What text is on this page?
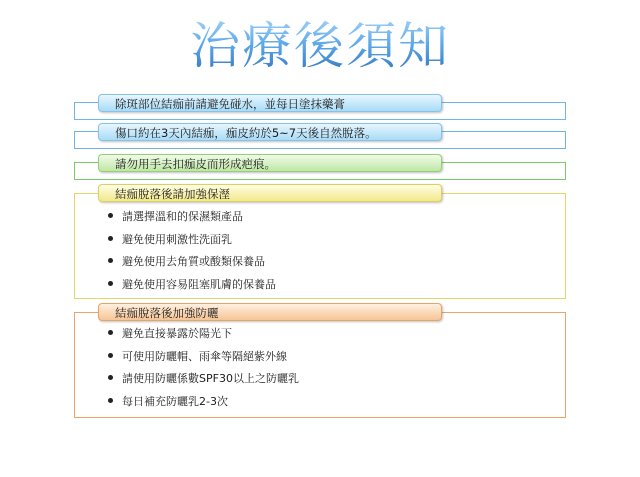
治療後須知
除斑部位結痂前請避免碰水，並每日塗抹藥膏
傷口約在3天內結痂，痂皮約於5~7天後自然脫落。
請勿用手去扣痂皮而形成疤痕。
結痂脫落後請加強保溼
請選擇溫和的保濕類產品
避免使用刺激性洗面乳
避免使用去角質或酸類保養品
避免使用容易阻塞肌膚的保養品
結痂脫落後加強防曬
避免直接暴露於陽光下
可使用防曬帽、雨傘等隔絕紫外線
請使用防曬係數SPF30以上之防曬乳
每日補充防曬乳2-3次
